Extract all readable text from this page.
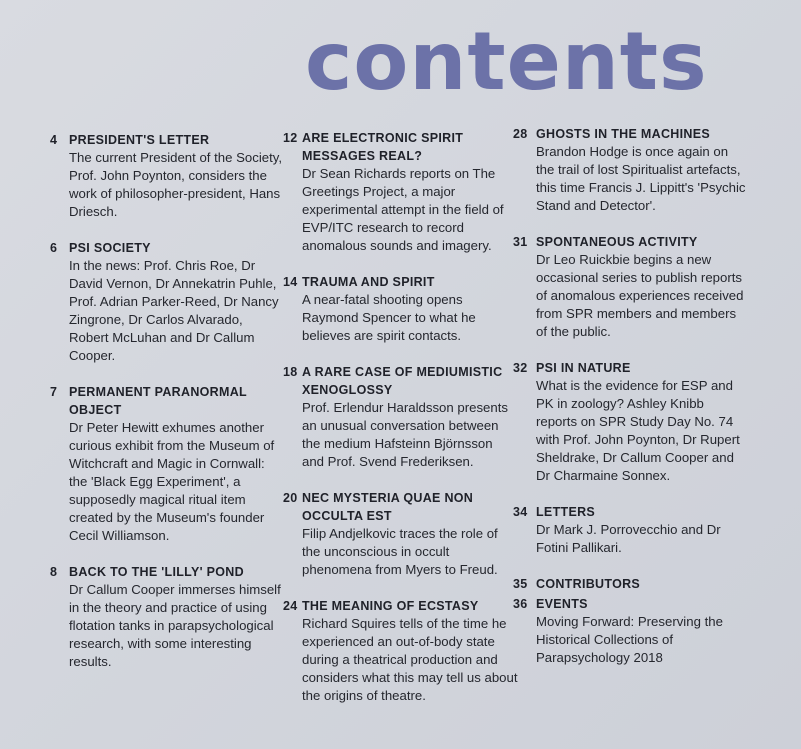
contents
4 PRESIDENT'S LETTER
The current President of the Society, Prof. John Poynton, considers the work of philosopher-president, Hans Driesch.
6 PSI SOCIETY
In the news: Prof. Chris Roe, Dr David Vernon, Dr Annekatrin Puhle, Prof. Adrian Parker-Reed, Dr Nancy Zingrone, Dr Carlos Alvarado, Robert McLuhan and Dr Callum Cooper.
7 PERMANENT PARANORMAL OBJECT
Dr Peter Hewitt exhumes another curious exhibit from the Museum of Witchcraft and Magic in Cornwall: the 'Black Egg Experiment', a supposedly magical ritual item created by the Museum's founder Cecil Williamson.
8 BACK TO THE 'LILLY' POND
Dr Callum Cooper immerses himself in the theory and practice of using flotation tanks in parapsychological research, with some interesting results.
12 ARE ELECTRONIC SPIRIT MESSAGES REAL?
Dr Sean Richards reports on The Greetings Project, a major experimental attempt in the field of EVP/ITC research to record anomalous sounds and imagery.
14 TRAUMA AND SPIRIT
A near-fatal shooting opens Raymond Spencer to what he believes are spirit contacts.
18 A RARE CASE OF MEDIUMISTIC XENOGLOSSY
Prof. Erlendur Haraldsson presents an unusual conversation between the medium Hafsteinn Björnsson and Prof. Svend Frederiksen.
20 NEC MYSTERIA QUAE NON OCCULTA EST
Filip Andjelkovic traces the role of the unconscious in occult phenomena from Myers to Freud.
24 THE MEANING OF ECSTASY
Richard Squires tells of the time he experienced an out-of-body state during a theatrical production and considers what this may tell us about the origins of theatre.
28 GHOSTS IN THE MACHINES
Brandon Hodge is once again on the trail of lost Spiritualist artefacts, this time Francis J. Lippitt's 'Psychic Stand and Detector'.
31 SPONTANEOUS ACTIVITY
Dr Leo Ruickbie begins a new occasional series to publish reports of anomalous experiences received from SPR members and members of the public.
32 PSI IN NATURE
What is the evidence for ESP and PK in zoology? Ashley Knibb reports on SPR Study Day No. 74 with Prof. John Poynton, Dr Rupert Sheldrake, Dr Callum Cooper and Dr Charmaine Sonnex.
34 LETTERS
Dr Mark J. Porrovecchio and Dr Fotini Pallikari.
35 CONTRIBUTORS
36 EVENTS
Moving Forward: Preserving the Historical Collections of Parapsychology 2018
